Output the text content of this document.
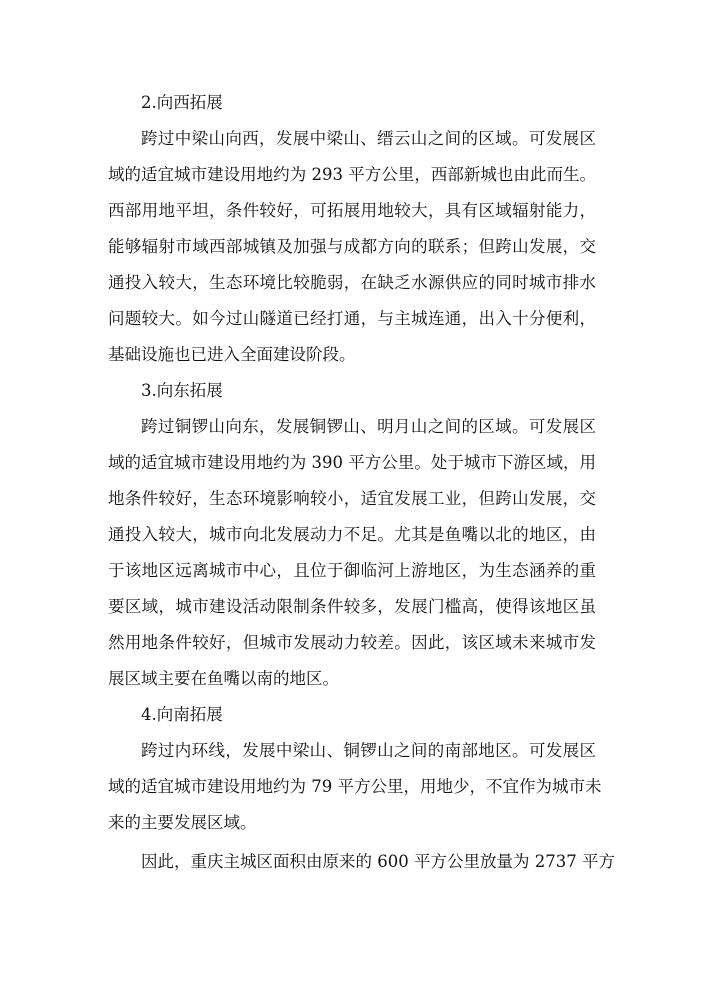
2.向西拓展
跨过中梁山向西，发展中梁山、缙云山之间的区域。可发展区
域的适宜城市建设用地约为 293 平方公里，西部新城也由此而生。
西部用地平坦，条件较好，可拓展用地较大，具有区域辐射能力，
能够辐射市域西部城镇及加强与成都方向的联系；但跨山发展，交
通投入较大，生态环境比较脆弱，在缺乏水源供应的同时城市排水
问题较大。如今过山隧道已经打通，与主城连通，出入十分便利，
基础设施也已进入全面建设阶段。
3.向东拓展
跨过铜锣山向东，发展铜锣山、明月山之间的区域。可发展区
域的适宜城市建设用地约为 390 平方公里。处于城市下游区域，用
地条件较好，生态环境影响较小，适宜发展工业，但跨山发展，交
通投入较大，城市向北发展动力不足。尤其是鱼嘴以北的地区，由
于该地区远离城市中心，且位于御临河上游地区，为生态涵养的重
要区域，城市建设活动限制条件较多，发展门槛高，使得该地区虽
然用地条件较好，但城市发展动力较差。因此，该区域未来城市发
展区域主要在鱼嘴以南的地区。
4.向南拓展
跨过内环线，发展中梁山、铜锣山之间的南部地区。可发展区
域的适宜城市建设用地约为 79 平方公里，用地少，不宜作为城市未
来的主要发展区域。
因此，重庆主城区面积由原来的 600 平方公里放量为 2737 平方
